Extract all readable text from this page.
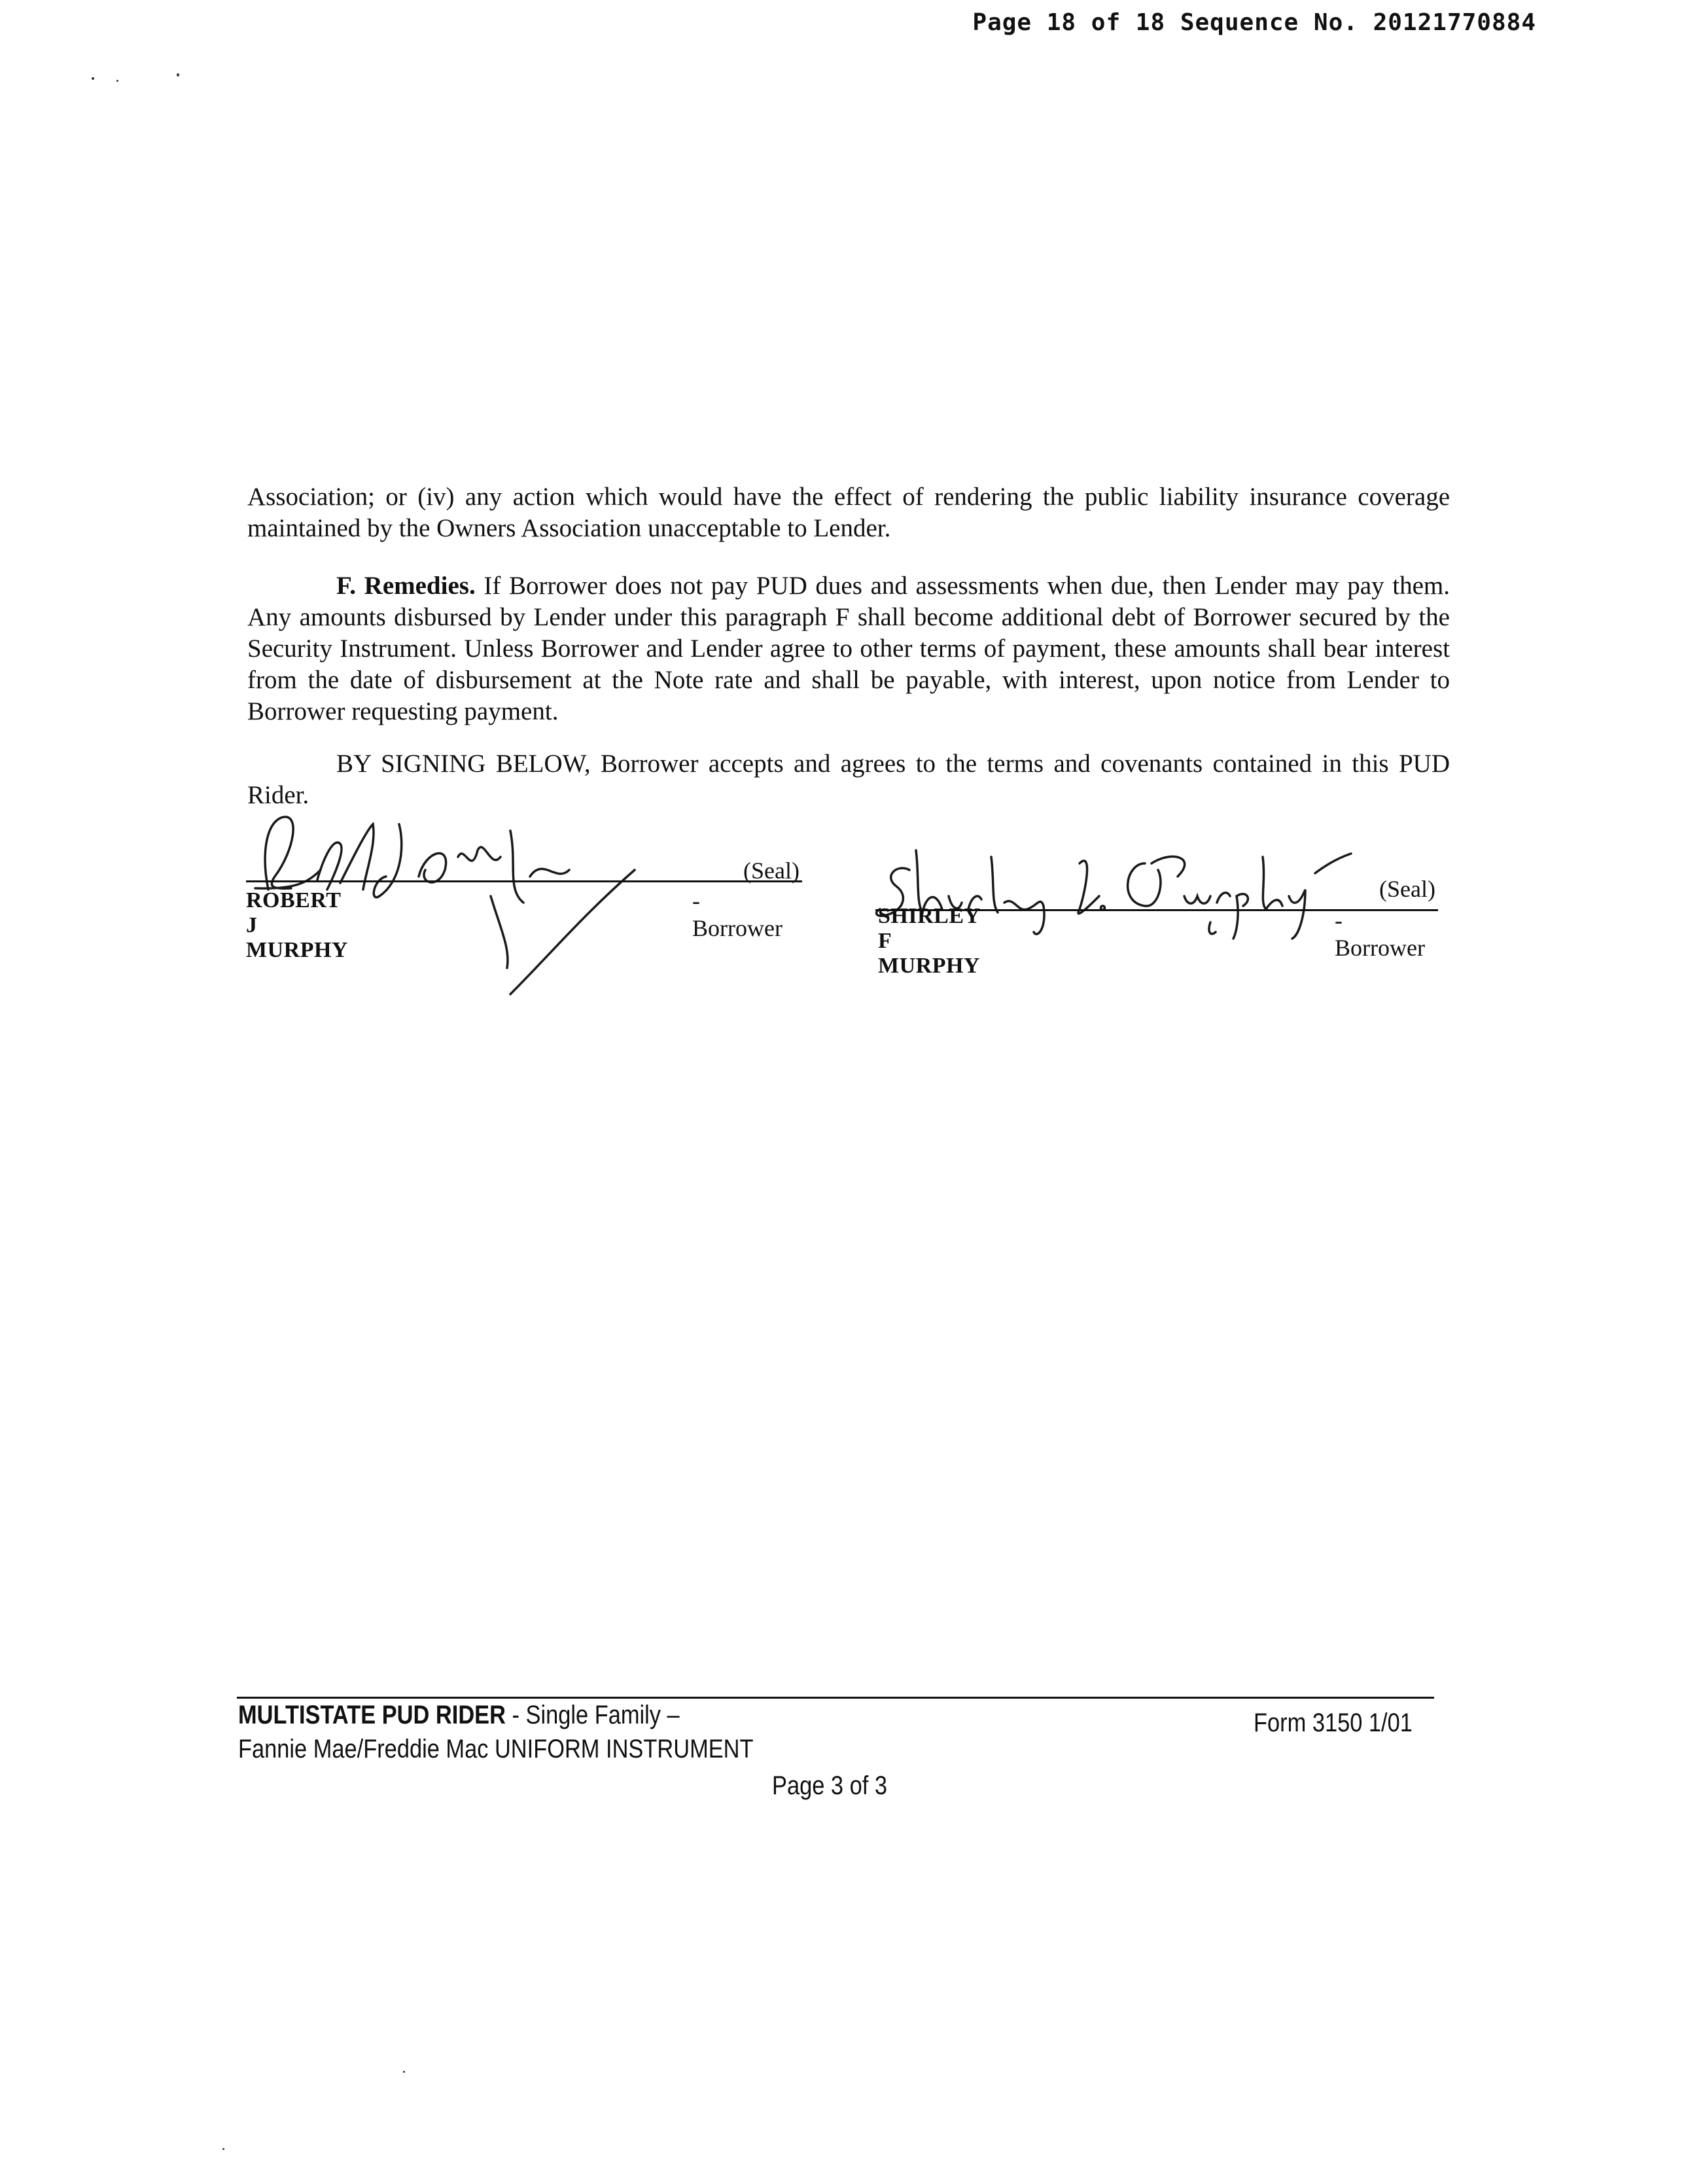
Page 18 of 18 Sequence No. 20121770884

Association; or (iv) any action which would have the effect of rendering the public liability insurance coverage maintained by the Owners Association unacceptable to Lender.

F. Remedies. If Borrower does not pay PUD dues and assessments when due, then Lender may pay them. Any amounts disbursed by Lender under this paragraph F shall become additional debt of Borrower secured by the Security Instrument. Unless Borrower and Lender agree to other terms of payment, these amounts shall bear interest from the date of disbursement at the Note rate and shall be payable, with interest, upon notice from Lender to Borrower requesting payment.

BY SIGNING BELOW, Borrower accepts and agrees to the terms and covenants contained in this PUD Rider.

(Seal)
ROBERT J MURPHY
-Borrower
(Seal)
SHIRLEY F MURPHY
-Borrower
MULTISTATE PUD RIDER - Single Family –
Fannie Mae/Freddie Mac UNIFORM INSTRUMENT
Form 3150 1/01
Page 3 of 3
